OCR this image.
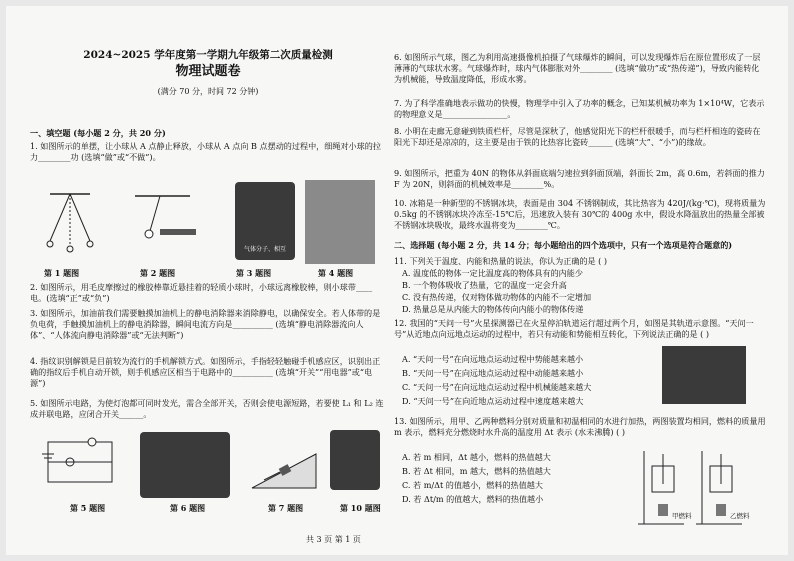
2024~2025 学年度第一学期九年级第二次质量检测
物理试题卷
(满分 70 分，时间 72 分钟)
一、填空题 (每小题 2 分，共 20 分)
1. 如图所示的单摆，让小球从 A 点静止释放，小球从 A 点向 B 点摆动的过程中，细绳对小球的拉力________功 (选填“做”或“不做”)。
气体分子、相互
第 1 题图	第 2 题图	第 3 题图	第 4 题图
2. 如图所示，用毛皮摩擦过的橡胶棒靠近悬挂着的轻质小球时，小球远离橡胶棒，则小球带____电。(选填“正”或“负”)
3. 如图所示，加油前我们需要触摸加油机上的静电消除器来消除静电，以确保安全。若人体带的是负电荷，手触摸加油机上的静电消除器，瞬间电流方向是__________ (选填“静电消除器流向人体”、“人体流向静电消除器”或“无法判断”)
4. 指纹识别解锁是目前较为流行的手机解锁方式。如图所示，手指轻轻触碰手机感应区，识别出正确的指纹后手机自动开锁，则手机感应区相当于电路中的__________ (选填“开关”“用电器”或“电源”)
5. 如图所示电路，为使灯泡都可同时发光，需合全部开关，否则会使电源短路，若要使 L₁ 和 L₂ 连成并联电路，应闭合开关______。
第 5 题图	第 6 题图	第 7 题图	第 10 题图
6. 如图所示气球，图乙为利用高速摄像机拍摄了气球爆炸的瞬间，可以发现爆炸后在原位置形成了一层薄薄的气球状水雾。气球爆炸时，球内气体膨胀对外________ (选填“做功”或“热传递”)，导致内能转化为机械能，导致温度降低，形成水雾。
7. 为了科学准确地表示做功的快慢，物理学中引入了功率的概念，已知某机械功率为 1×10⁴W，它表示的物理意义是________________。
8. 小明在走廊无意碰到铁质栏杆，尽管是深秋了，他感觉阳光下的栏杆很暖手，而与栏杆相连的瓷砖在阳光下却还是凉凉的，这主要是由于铁的比热容比瓷砖______ (选填“大”、“小”)的缘故。
9. 如图所示，把重为 40N 的物体从斜面底端匀速拉到斜面顶端，斜面长 2m，高 0.6m，若斜面的推力 F 为 20N，则斜面的机械效率是________%。
10. 冰箱是一种新型的不锈钢冰块，表面是由 304 不锈钢制成，其比热容为 420J/(kg·℃)，现将质量为 0.5kg 的不锈钢冰块冷冻至-15℃后，迅速放入装有 30℃的 400g 水中，假设水降温放出的热量全部被不锈钢冰块吸收，最终水温将变为________℃。
二、选择题 (每小题 2 分，共 14 分；每小题给出的四个选项中，只有一个选项是符合题意的)
11. 下列关于温度、内能和热量的说法，你认为正确的是 ( )
A. 温度低的物体一定比温度高的物体具有的内能少
B. 一个物体吸收了热量，它的温度一定会升高
C. 没有热传递，仅对物体做功物体的内能不一定增加
D. 热量总是从内能大的物体传向内能小的物体传递
12. 我国的“天问一号”火星探测器已在火星停泊轨道运行超过两个月，如图是其轨道示意图。“天问一号”从近地点向远地点运动的过程中，若只有动能和势能相互转化，下列说法正确的是 ( )
A. “天问一号”在向远地点运动过程中势能越来越小
B. “天问一号”在向远地点运动过程中动能越来越小
C. “天问一号”在向远地点运动过程中机械能越来越大
D. “天问一号”在向近地点运动过程中速度越来越大
13. 如图所示，用甲、乙两种燃料分别对质量和初温相同的水进行加热，两图装置均相同，燃料的质量用 m 表示，燃料充分燃烧时水升高的温度用 Δt 表示 (水未沸腾) ( )
A. 若 m 相同，Δt 越小，燃料的热值越大
B. 若 Δt 相同，m 越大，燃料的热值越大
C. 若 m/Δt 的值越小，燃料的热值越大
D. 若 Δt/m 的值越大，燃料的热值越小
甲燃料	乙燃料
共 3 页 第 1 页
